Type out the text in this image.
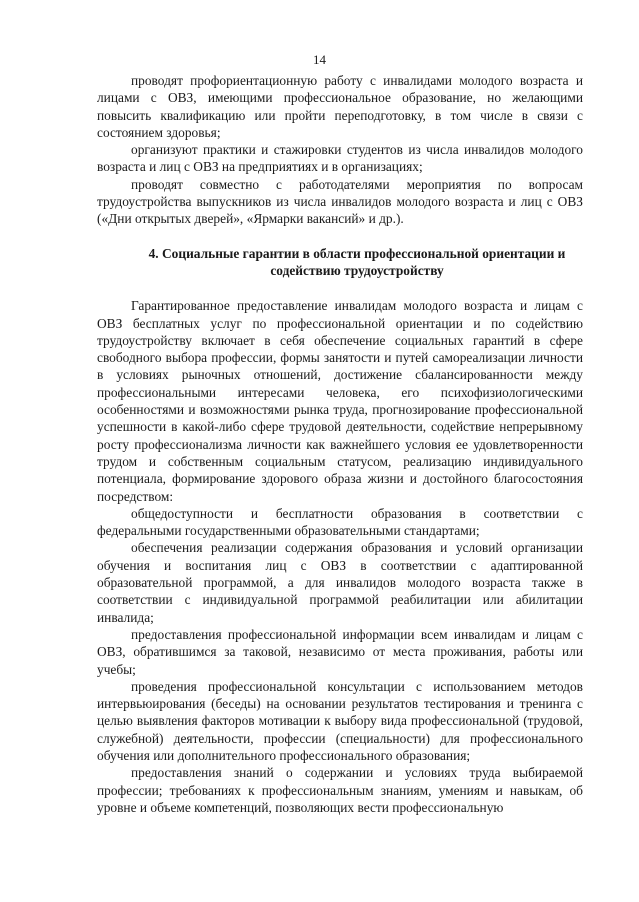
14

проводят профориентационную работу с инвалидами молодого возраста и лицами с ОВЗ, имеющими профессиональное образование, но желающими повысить квалификацию или пройти переподготовку, в том числе в связи с состоянием здоровья;

организуют практики и стажировки студентов из числа инвалидов молодого возраста и лиц с ОВЗ на предприятиях и в организациях;

проводят совместно с работодателями мероприятия по вопросам трудоустройства выпускников из числа инвалидов молодого возраста и лиц с ОВЗ («Дни открытых дверей», «Ярмарки вакансий» и др.).

4. Социальные гарантии в области профессиональной ориентации и содействию трудоустройству

Гарантированное предоставление инвалидам молодого возраста и лицам с ОВЗ бесплатных услуг по профессиональной ориентации и по содействию трудоустройству включает в себя обеспечение социальных гарантий в сфере свободного выбора профессии, формы занятости и путей самореализации личности в условиях рыночных отношений, достижение сбалансированности между профессиональными интересами человека, его психофизиологическими особенностями и возможностями рынка труда, прогнозирование профессиональной успешности в какой-либо сфере трудовой деятельности, содействие непрерывному росту профессионализма личности как важнейшего условия ее удовлетворенности трудом и собственным социальным статусом, реализацию индивидуального потенциала, формирование здорового образа жизни и достойного благосостояния посредством:

общедоступности и бесплатности образования в соответствии с федеральными государственными образовательными стандартами;

обеспечения реализации содержания образования и условий организации обучения и воспитания лиц с ОВЗ в соответствии с адаптированной образовательной программой, а для инвалидов молодого возраста также в соответствии с индивидуальной программой реабилитации или абилитации инвалида;

предоставления профессиональной информации всем инвалидам и лицам с ОВЗ, обратившимся за таковой, независимо от места проживания, работы или учебы;

проведения профессиональной консультации с использованием методов интервьюирования (беседы) на основании результатов тестирования и тренинга с целью выявления факторов мотивации к выбору вида профессиональной (трудовой, служебной) деятельности, профессии (специальности) для профессионального обучения или дополнительного профессионального образования;

предоставления знаний о содержании и условиях труда выбираемой профессии; требованиях к профессиональным знаниям, умениям и навыкам, об уровне и объеме компетенций, позволяющих вести профессиональную
